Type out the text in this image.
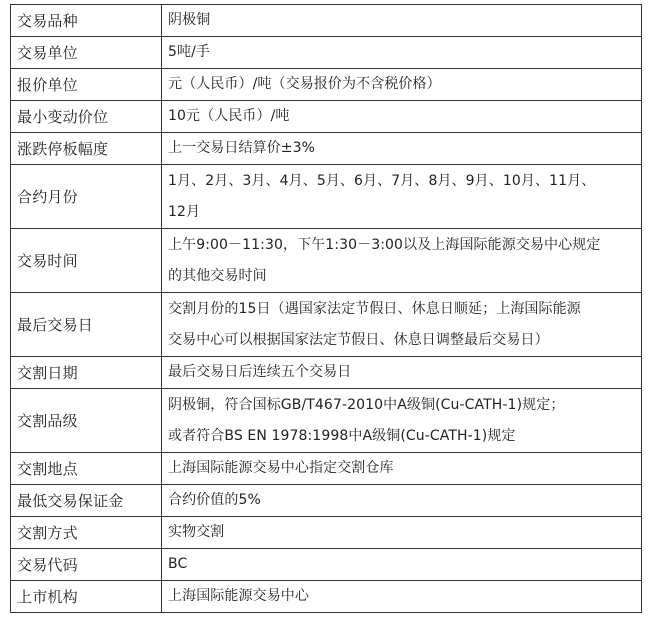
交易品种	阴极铜

交易单位	5吨/手

报价单位	元（人民币）/吨（交易报价为不含税价格）

最小变动价位	10元（人民币）/吨

涨跌停板幅度	上一交易日结算价±3%

合约月份	1月、2月、3月、4月、5月、6月、7月、8月、9月、10月、11月、
12月

交易时间	上午9:00－11:30，下午1:30－3:00以及上海国际能源交易中心规定
的其他交易时间

最后交易日	交割月份的15日（遇国家法定节假日、休息日顺延；上海国际能源
交易中心可以根据国家法定节假日、休息日调整最后交易日）

交割日期	最后交易日后连续五个交易日

交割品级	阴极铜，符合国标GB/T467-2010中A级铜(Cu-CATH-1)规定；
或者符合BS EN 1978:1998中A级铜(Cu-CATH-1)规定

交割地点	上海国际能源交易中心指定交割仓库

最低交易保证金	合约价值的5%

交割方式	实物交割

交易代码	BC

上市机构	上海国际能源交易中心
